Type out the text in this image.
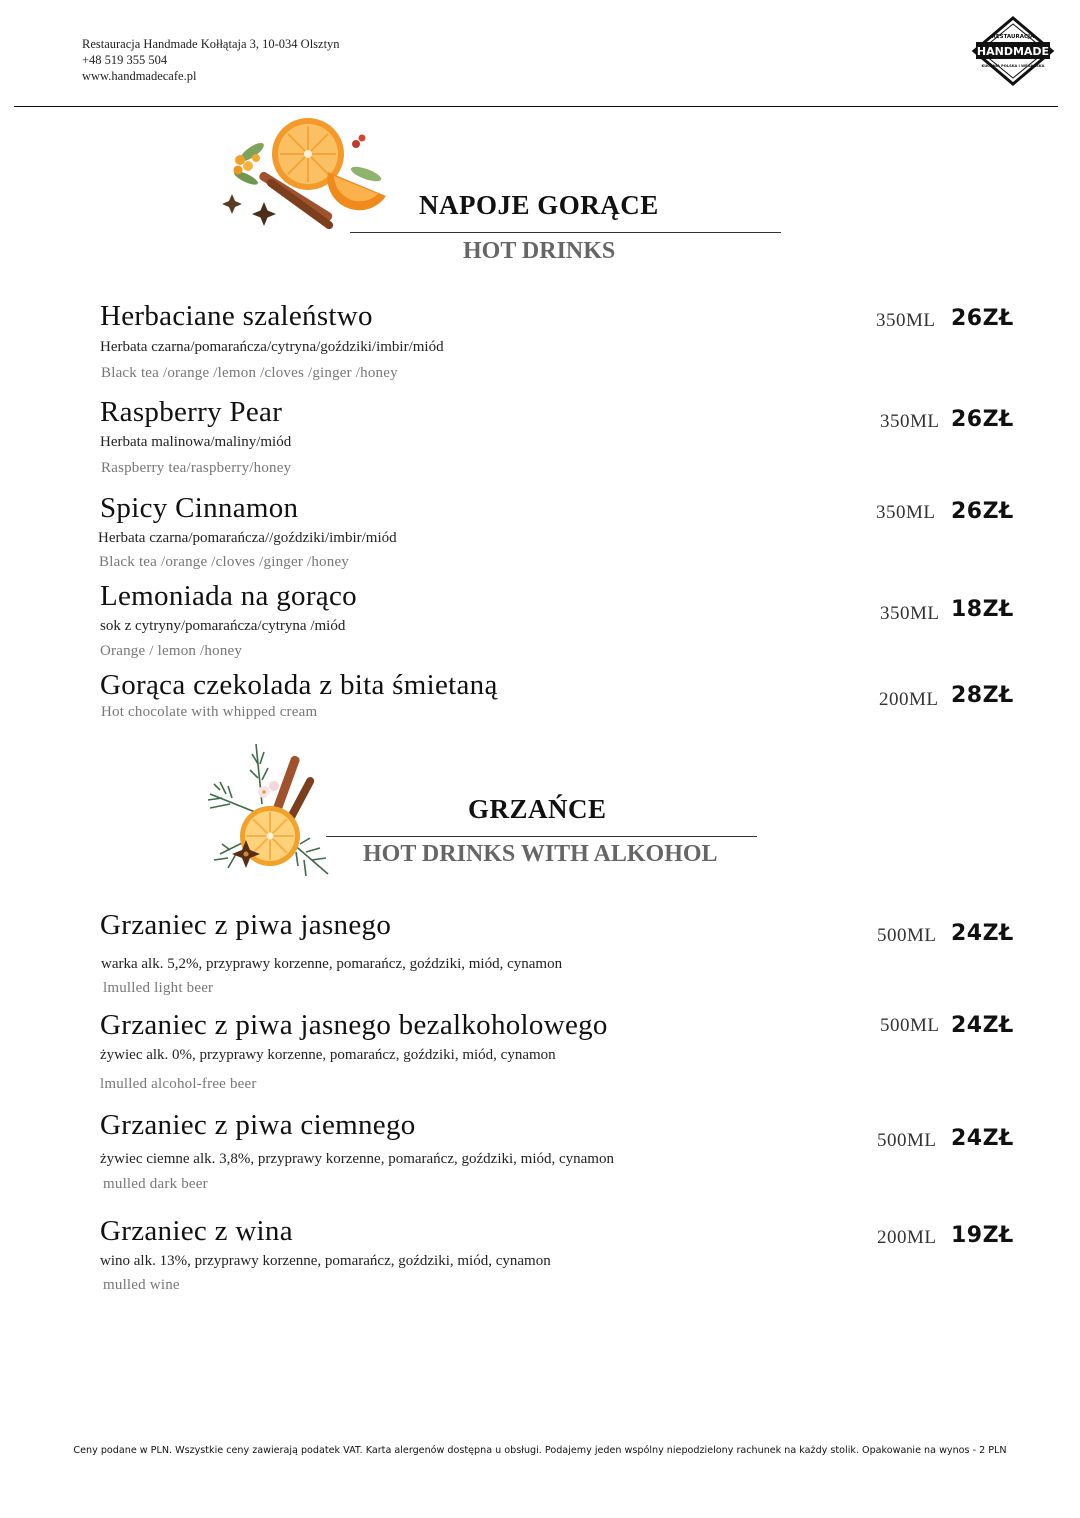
Restauracja Handmade Kołłątaja 3, 10-034 Olsztyn
+48 519 355 504
www.handmadecafe.pl
RESTAURACJA
HANDMADE
KUCHNIA POLSKA I WEGAŃSKA
NAPOJE GORĄCE
HOT DRINKS
Herbaciane szaleństwo
Herbata czarna/pomarańcza/cytryna/goździki/imbir/miód
Black tea /orange /lemon /cloves /ginger /honey
350ML 26ZŁ
Raspberry Pear
Herbata malinowa/maliny/miód
Raspberry tea/raspberry/honey
350ML 26ZŁ
Spicy Cinnamon
Herbata czarna/pomarańcza//goździki/imbir/miód
Black tea /orange /cloves /ginger /honey
350ML 26ZŁ
Lemoniada na gorąco
sok z cytryny/pomarańcza/cytryna /miód
Orange / lemon /honey
350ML 18ZŁ
Gorąca czekolada z bita śmietaną
Hot chocolate with whipped cream
200ML 28ZŁ
GRZAŃCE
HOT DRINKS WITH ALKOHOL
Grzaniec z piwa jasnego
warka alk. 5,2%, przyprawy korzenne, pomarańcz, goździki, miód, cynamon
lmulled light beer
500ML 24ZŁ
Grzaniec z piwa jasnego bezalkoholowego
żywiec alk. 0%, przyprawy korzenne, pomarańcz, goździki, miód, cynamon
lmulled alcohol-free beer
500ML 24ZŁ
Grzaniec z piwa ciemnego
żywiec ciemne alk. 3,8%, przyprawy korzenne, pomarańcz, goździki, miód, cynamon
mulled dark beer
500ML 24ZŁ
Grzaniec z wina
wino alk. 13%, przyprawy korzenne, pomarańcz, goździki, miód, cynamon
mulled wine
200ML 19ZŁ
Ceny podane w PLN. Wszystkie ceny zawierają podatek VAT. Karta alergenów dostępna u obsługi. Podajemy jeden wspólny niepodzielony rachunek na każdy stolik. Opakowanie na wynos - 2 PLN
